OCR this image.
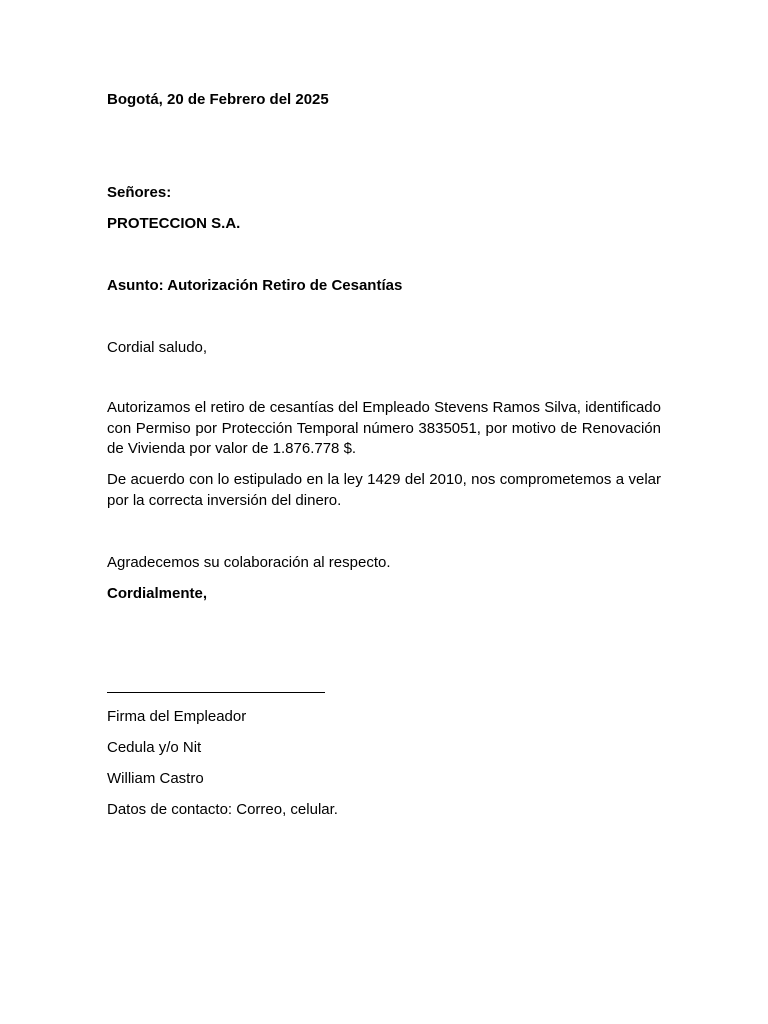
Bogotá, 20 de Febrero del 2025
Señores:
PROTECCION S.A.
Asunto: Autorización Retiro de Cesantías
Cordial saludo,
Autorizamos el retiro de cesantías del Empleado Stevens Ramos Silva, identificado con Permiso por Protección Temporal número 3835051, por motivo de Renovación de Vivienda por valor de 1.876.778 $.
De acuerdo con lo estipulado en la ley 1429 del 2010, nos comprometemos a velar por la correcta inversión del dinero.
Agradecemos su colaboración al respecto.
Cordialmente,
Firma del Empleador
Cedula y/o Nit
William Castro
Datos de contacto: Correo, celular.
